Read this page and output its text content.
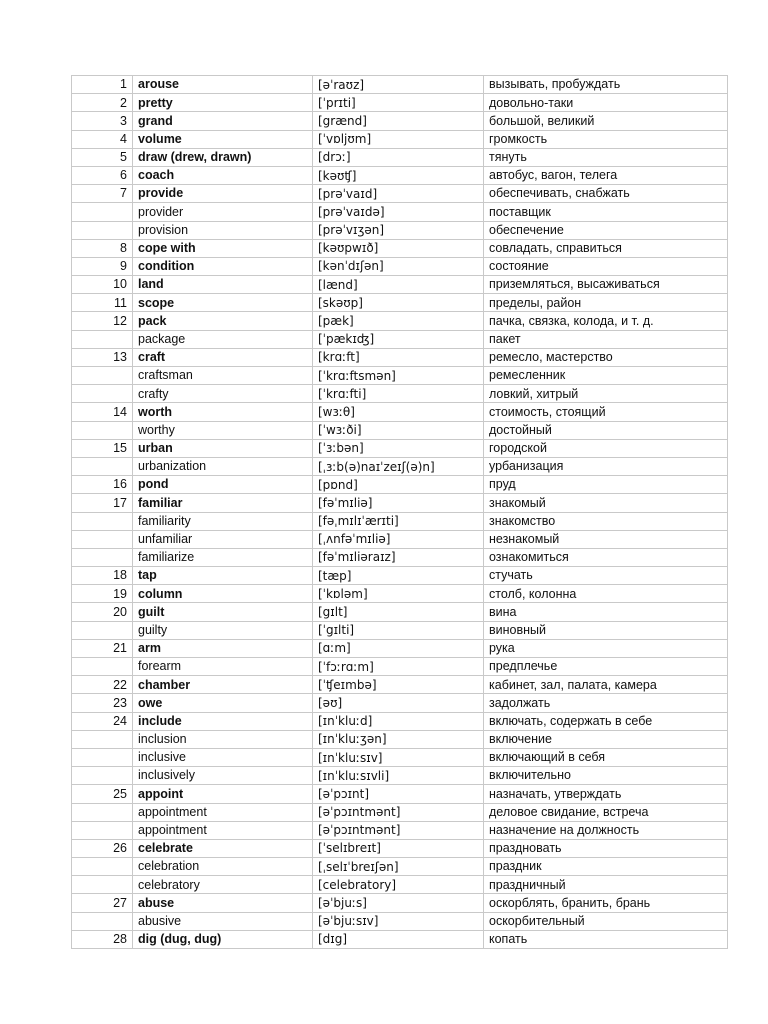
1	arouse	[əˈraʊz]	вызывать, пробуждать
2	pretty	[ˈprɪti]	довольно-таки
3	grand	[grænd]	большой, великий
4	volume	[ˈvɒljʊm]	громкость
5	draw (drew, drawn)	[drɔː]	тянуть
6	coach	[kəʊʧ]	автобус, вагон, телега
7	provide	[prəˈvaɪd]	обеспечивать, снабжать
	provider	[prəˈvaɪdə]	поставщик
	provision	[prəˈvɪʒən]	обеспечение
8	cope with	[kəʊpwɪð]	совладать, справиться
9	condition	[kənˈdɪʃən]	состояние
10	land	[lænd]	приземляться, высаживаться
11	scope	[skəʊp]	пределы, район
12	pack	[pæk]	пачка, связка, колода, и т. д.
	package	[ˈpækɪʤ]	пакет
13	craft	[krɑːft]	ремесло, мастерство
	craftsman	[ˈkrɑːftsmən]	ремесленник
	crafty	[ˈkrɑːfti]	ловкий, хитрый
14	worth	[wɜːθ]	стоимость, стоящий
	worthy	[ˈwɜːði]	достойный
15	urban	[ˈɜːbən]	городской
	urbanization	[ˌɜːb(ə)naɪˈzeɪʃ(ə)n]	урбанизация
16	pond	[pɒnd]	пруд
17	familiar	[fəˈmɪliə]	знакомый
	familiarity	[fəˌmɪlɪˈærɪti]	знакомство
	unfamiliar	[ˌʌnfəˈmɪliə]	незнакомый
	familiarize	[fəˈmɪliəraɪz]	ознакомиться
18	tap	[tæp]	стучать
19	column	[ˈkɒləm]	столб, колонна
20	guilt	[gɪlt]	вина
	guilty	[ˈgɪlti]	виновный
21	arm	[ɑːm]	рука
	forearm	[ˈfɔːrɑːm]	предплечье
22	chamber	[ˈʧeɪmbə]	кабинет, зал, палата, камера
23	owe	[əʊ]	задолжать
24	include	[ɪnˈkluːd]	включать, содержать в себе
	inclusion	[ɪnˈkluːʒən]	включение
	inclusive	[ɪnˈkluːsɪv]	включающий в себя
	inclusively	[ɪnˈkluːsɪvli]	включительно
25	appoint	[əˈpɔɪnt]	назначать, утверждать
	appointment	[əˈpɔɪntmənt]	деловое свидание, встреча
	appointment	[əˈpɔɪntmənt]	назначение на должность
26	celebrate	[ˈselɪbreɪt]	праздновать
	celebration	[ˌselɪˈbreɪʃən]	праздник
	celebratory	[celebratory]	праздничный
27	abuse	[əˈbjuːs]	оскорблять, бранить, брань
	abusive	[əˈbjuːsɪv]	оскорбительный
28	dig (dug, dug)	[dɪg]	копать
